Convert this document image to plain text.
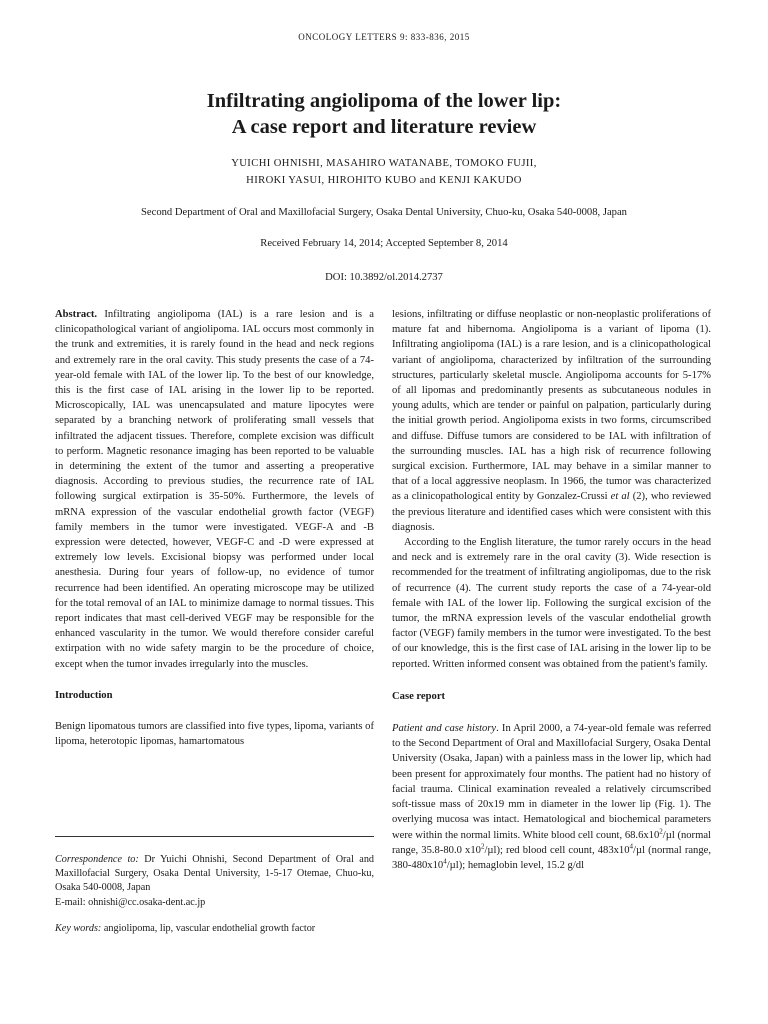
ONCOLOGY LETTERS 9: 833-836, 2015
Infiltrating angiolipoma of the lower lip:
A case report and literature review
YUICHI OHNISHI, MASAHIRO WATANABE, TOMOKO FUJII,
HIROKI YASUI, HIROHITO KUBO and KENJI KAKUDO
Second Department of Oral and Maxillofacial Surgery, Osaka Dental University, Chuo-ku, Osaka 540-0008, Japan
Received February 14, 2014; Accepted September 8, 2014
DOI: 10.3892/ol.2014.2737

Abstract. Infiltrating angiolipoma (IAL) is a rare lesion and is a clinicopathological variant of angiolipoma. IAL occurs most commonly in the trunk and extremities, it is rarely found in the head and neck regions and extremely rare in the oral cavity. This study presents the case of a 74-year-old female with IAL of the lower lip. To the best of our knowledge, this is the first case of IAL arising in the lower lip to be reported. Microscopically, IAL was unencapsulated and mature lipocytes were separated by a branching network of proliferating small vessels that infiltrated the adjacent tissues. Therefore, complete excision was difficult to perform. Magnetic resonance imaging has been reported to be valuable in determining the extent of the tumor and asserting a preoperative diagnosis. According to previous studies, the recurrence rate of IAL following surgical extirpation is 35-50%. Furthermore, the levels of mRNA expression of the vascular endothelial growth factor (VEGF) family members in the tumor were investigated. VEGF-A and -B expression were detected, however, VEGF-C and -D were expressed at extremely low levels. Excisional biopsy was performed under local anesthesia. During four years of follow-up, no evidence of tumor recurrence had been identified. An operating microscope may be utilized for the total removal of an IAL to minimize damage to normal tissues. This report indicates that mast cell-derived VEGF may be responsible for the enhanced vascularity in the tumor. We would therefore consider careful extirpation with no wide safety margin to be the procedure of choice, except when the tumor invades irregularly into the muscles.

Introduction

Benign lipomatous tumors are classified into five types, lipoma, variants of lipoma, heterotopic lipomas, hamartomatous

Correspondence to: Dr Yuichi Ohnishi, Second Department of Oral and Maxillofacial Surgery, Osaka Dental University, 1-5-17 Otemae, Chuo-ku, Osaka 540-0008, Japan

E-mail: ohnishi@cc.osaka-dent.ac.jp

Key words: angiolipoma, lip, vascular endothelial growth factor

lesions, infiltrating or diffuse neoplastic or non-neoplastic proliferations of mature fat and hibernoma. Angiolipoma is a variant of lipoma (1). Infiltrating angiolipoma (IAL) is a rare lesion, and is a clinicopathological variant of angiolipoma, characterized by infiltration of the surrounding structures, particularly skeletal muscle. Angiolipoma accounts for 5-17% of all lipomas and predominantly presents as subcutaneous nodules in young adults, which are tender or painful on palpation, particularly during the initial growth period. Angiolipoma exists in two forms, circumscribed and diffuse. Diffuse tumors are considered to be IAL with infiltration of the surrounding muscles. IAL has a high risk of recurrence following surgical excision. Furthermore, IAL may behave in a similar manner to that of a local aggressive neoplasm. In 1966, the tumor was characterized as a clinicopathological entity by Gonzalez-Crussi et al (2), who reviewed the previous literature and identified cases which were consistent with this diagnosis.

According to the English literature, the tumor rarely occurs in the head and neck and is extremely rare in the oral cavity (3). Wide resection is recommended for the treatment of infiltrating angiolipomas, due to the risk of recurrence (4). The current study reports the case of a 74-year-old female with IAL of the lower lip. Following the surgical excision of the tumor, the mRNA expression levels of the vascular endothelial growth factor (VEGF) family members in the tumor were investigated. To the best of our knowledge, this is the first case of IAL arising in the lower lip to be reported. Written informed consent was obtained from the patient's family.

Case report

Patient and case history. In April 2000, a 74-year-old female was referred to the Second Department of Oral and Maxillofacial Surgery, Osaka Dental University (Osaka, Japan) with a painless mass in the lower lip, which had been present for approximately four months. The patient had no history of facial trauma. Clinical examination revealed a relatively circumscribed soft-tissue mass of 20x19 mm in diameter in the lower lip (Fig. 1). The overlying mucosa was intact. Hematological and biochemical parameters were within the normal limits. White blood cell count, $68.6x10^2/\mu l$ (normal range, 35.8-80.0 $x10^2/\mu l$); red blood cell count, $483x10^4/\mu l$ (normal range, $380-480x10^4/\mu l$); hemaglobin level, 15.2 g/dl
